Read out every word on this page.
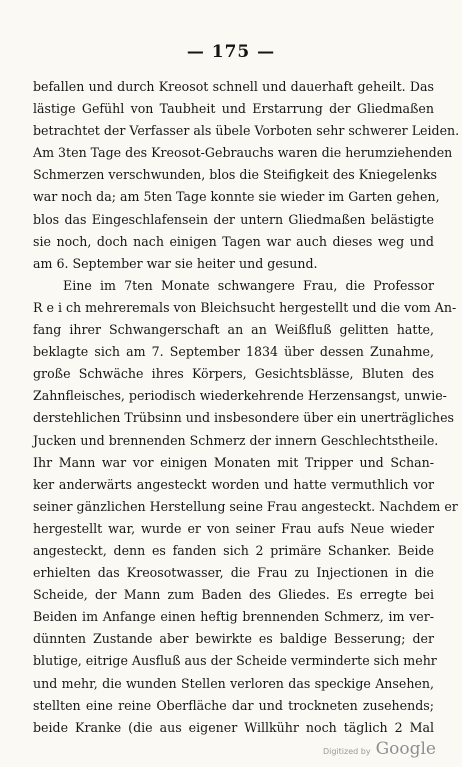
— 175 —
befallen und durch Kreosot schnell und dauerhaft geheilt. Das
lästige Gefühl von Taubheit und Erstarrung der Gliedmaßen
betrachtet der Verfasser als übele Vorboten sehr schwerer Leiden.
Am 3ten Tage des Kreosot-Gebrauchs waren die herumziehenden
Schmerzen verschwunden, blos die Steifigkeit des Kniegelenks
war noch da; am 5ten Tage konnte sie wieder im Garten gehen,
blos das Eingeschlafensein der untern Gliedmaßen belästigte
sie noch, doch nach einigen Tagen war auch dieses weg und
am 6. September war sie heiter und gesund.
Eine im 7ten Monate schwangere Frau, die Professor
R e i ch mehreremals von Bleichsucht hergestellt und die vom An-
fang ihrer Schwangerschaft an an Weißfluß gelitten hatte,
beklagte sich am 7. September 1834 über dessen Zunahme,
große Schwäche ihres Körpers, Gesichtsblässe, Bluten des
Zahnfleisches, periodisch wiederkehrende Herzensangst, unwie-
derstehlichen Trübsinn und insbesondere über ein unerträgliches
Jucken und brennenden Schmerz der innern Geschlechtstheile.
Ihr Mann war vor einigen Monaten mit Tripper und Schan-
ker anderwärts angesteckt worden und hatte vermuthlich vor
seiner gänzlichen Herstellung seine Frau angesteckt. Nachdem er
hergestellt war, wurde er von seiner Frau aufs Neue wieder
angesteckt, denn es fanden sich 2 primäre Schanker. Beide
erhielten das Kreosotwasser, die Frau zu Injectionen in die
Scheide, der Mann zum Baden des Gliedes. Es erregte bei
Beiden im Anfange einen heftig brennenden Schmerz, im ver-
dünnten Zustande aber bewirkte es baldige Besserung; der
blutige, eitrige Ausfluß aus der Scheide verminderte sich mehr
und mehr, die wunden Stellen verloren das speckige Ansehen,
stellten eine reine Oberfläche dar und trockneten zusehends;
beide Kranke (die aus eigener Willkühr noch täglich 2 Mal
Digitized by Google
